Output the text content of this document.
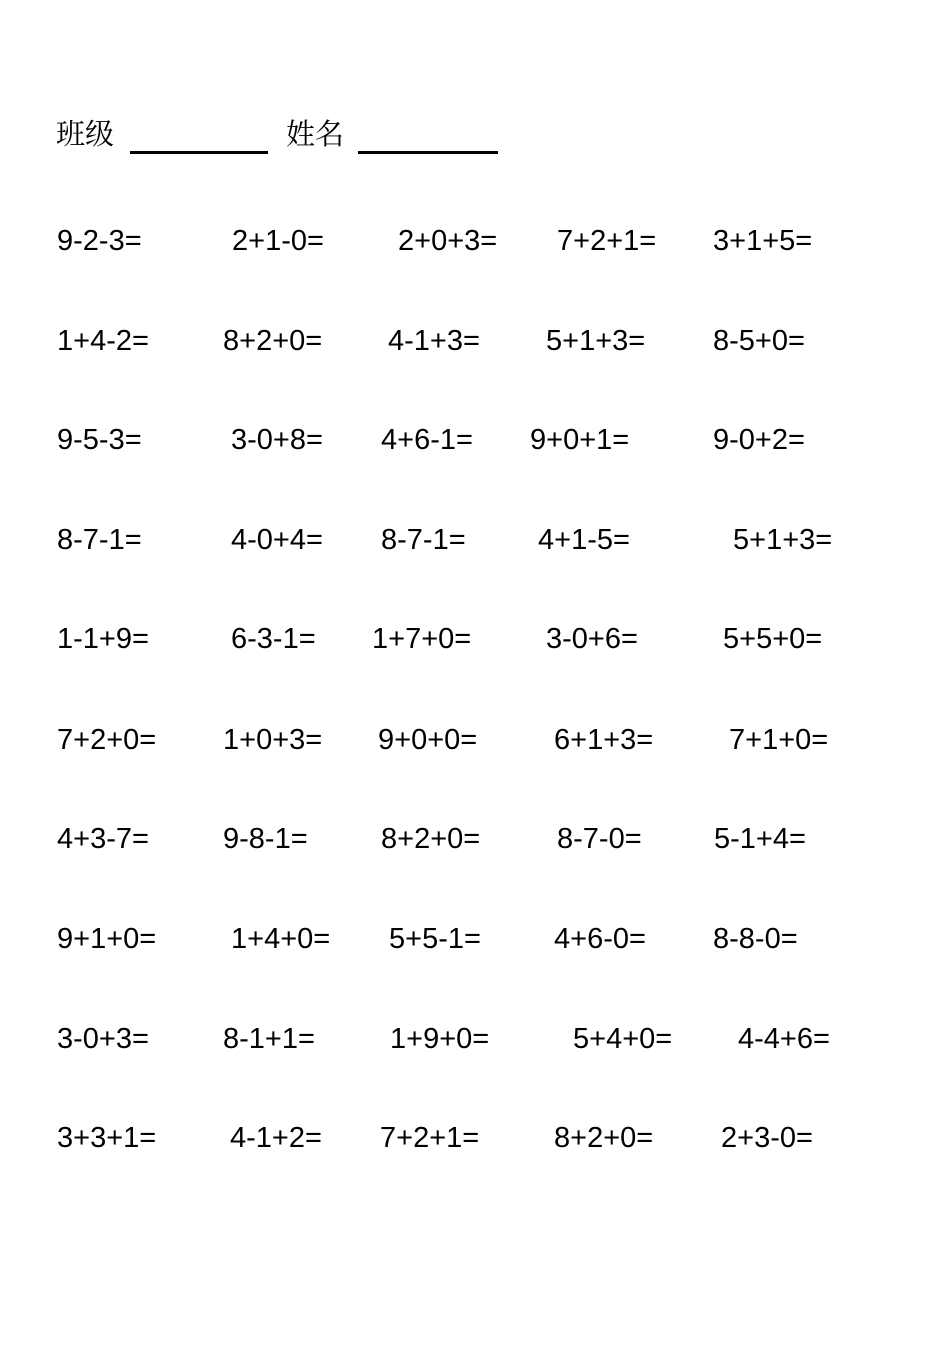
班级	姓名
9-2-3=	2+1-0=	2+0+3= 7+2+1= 3+1+5=
1+4-2=	8+2+0= 4-1+3= 5+1+3= 8-5+0=
9-5-3=	3-0+8= 4+6-1= 9+0+1=	9-0+2=
8-7-1=	4-0+4= 8-7-1= 4+1-5=	5+1+3=
1-1+9=	6-3-1= 1+7+0=	3-0+6=	5+5+0=
7+2+0= 1+0+3= 9+0+0=	6+1+3=	7+1+0=
4+3-7=	9-8-1=	8+2+0=	8-7-0= 5-1+4=
9+1+0=	1+4+0= 5+5-1=	4+6-0= 8-8-0=
3-0+3=	8-1+1=	1+9+0=	5+4+0= 4-4+6=
3+3+1=	4-1+2= 7+2+1=	8+2+0= 2+3-0=
